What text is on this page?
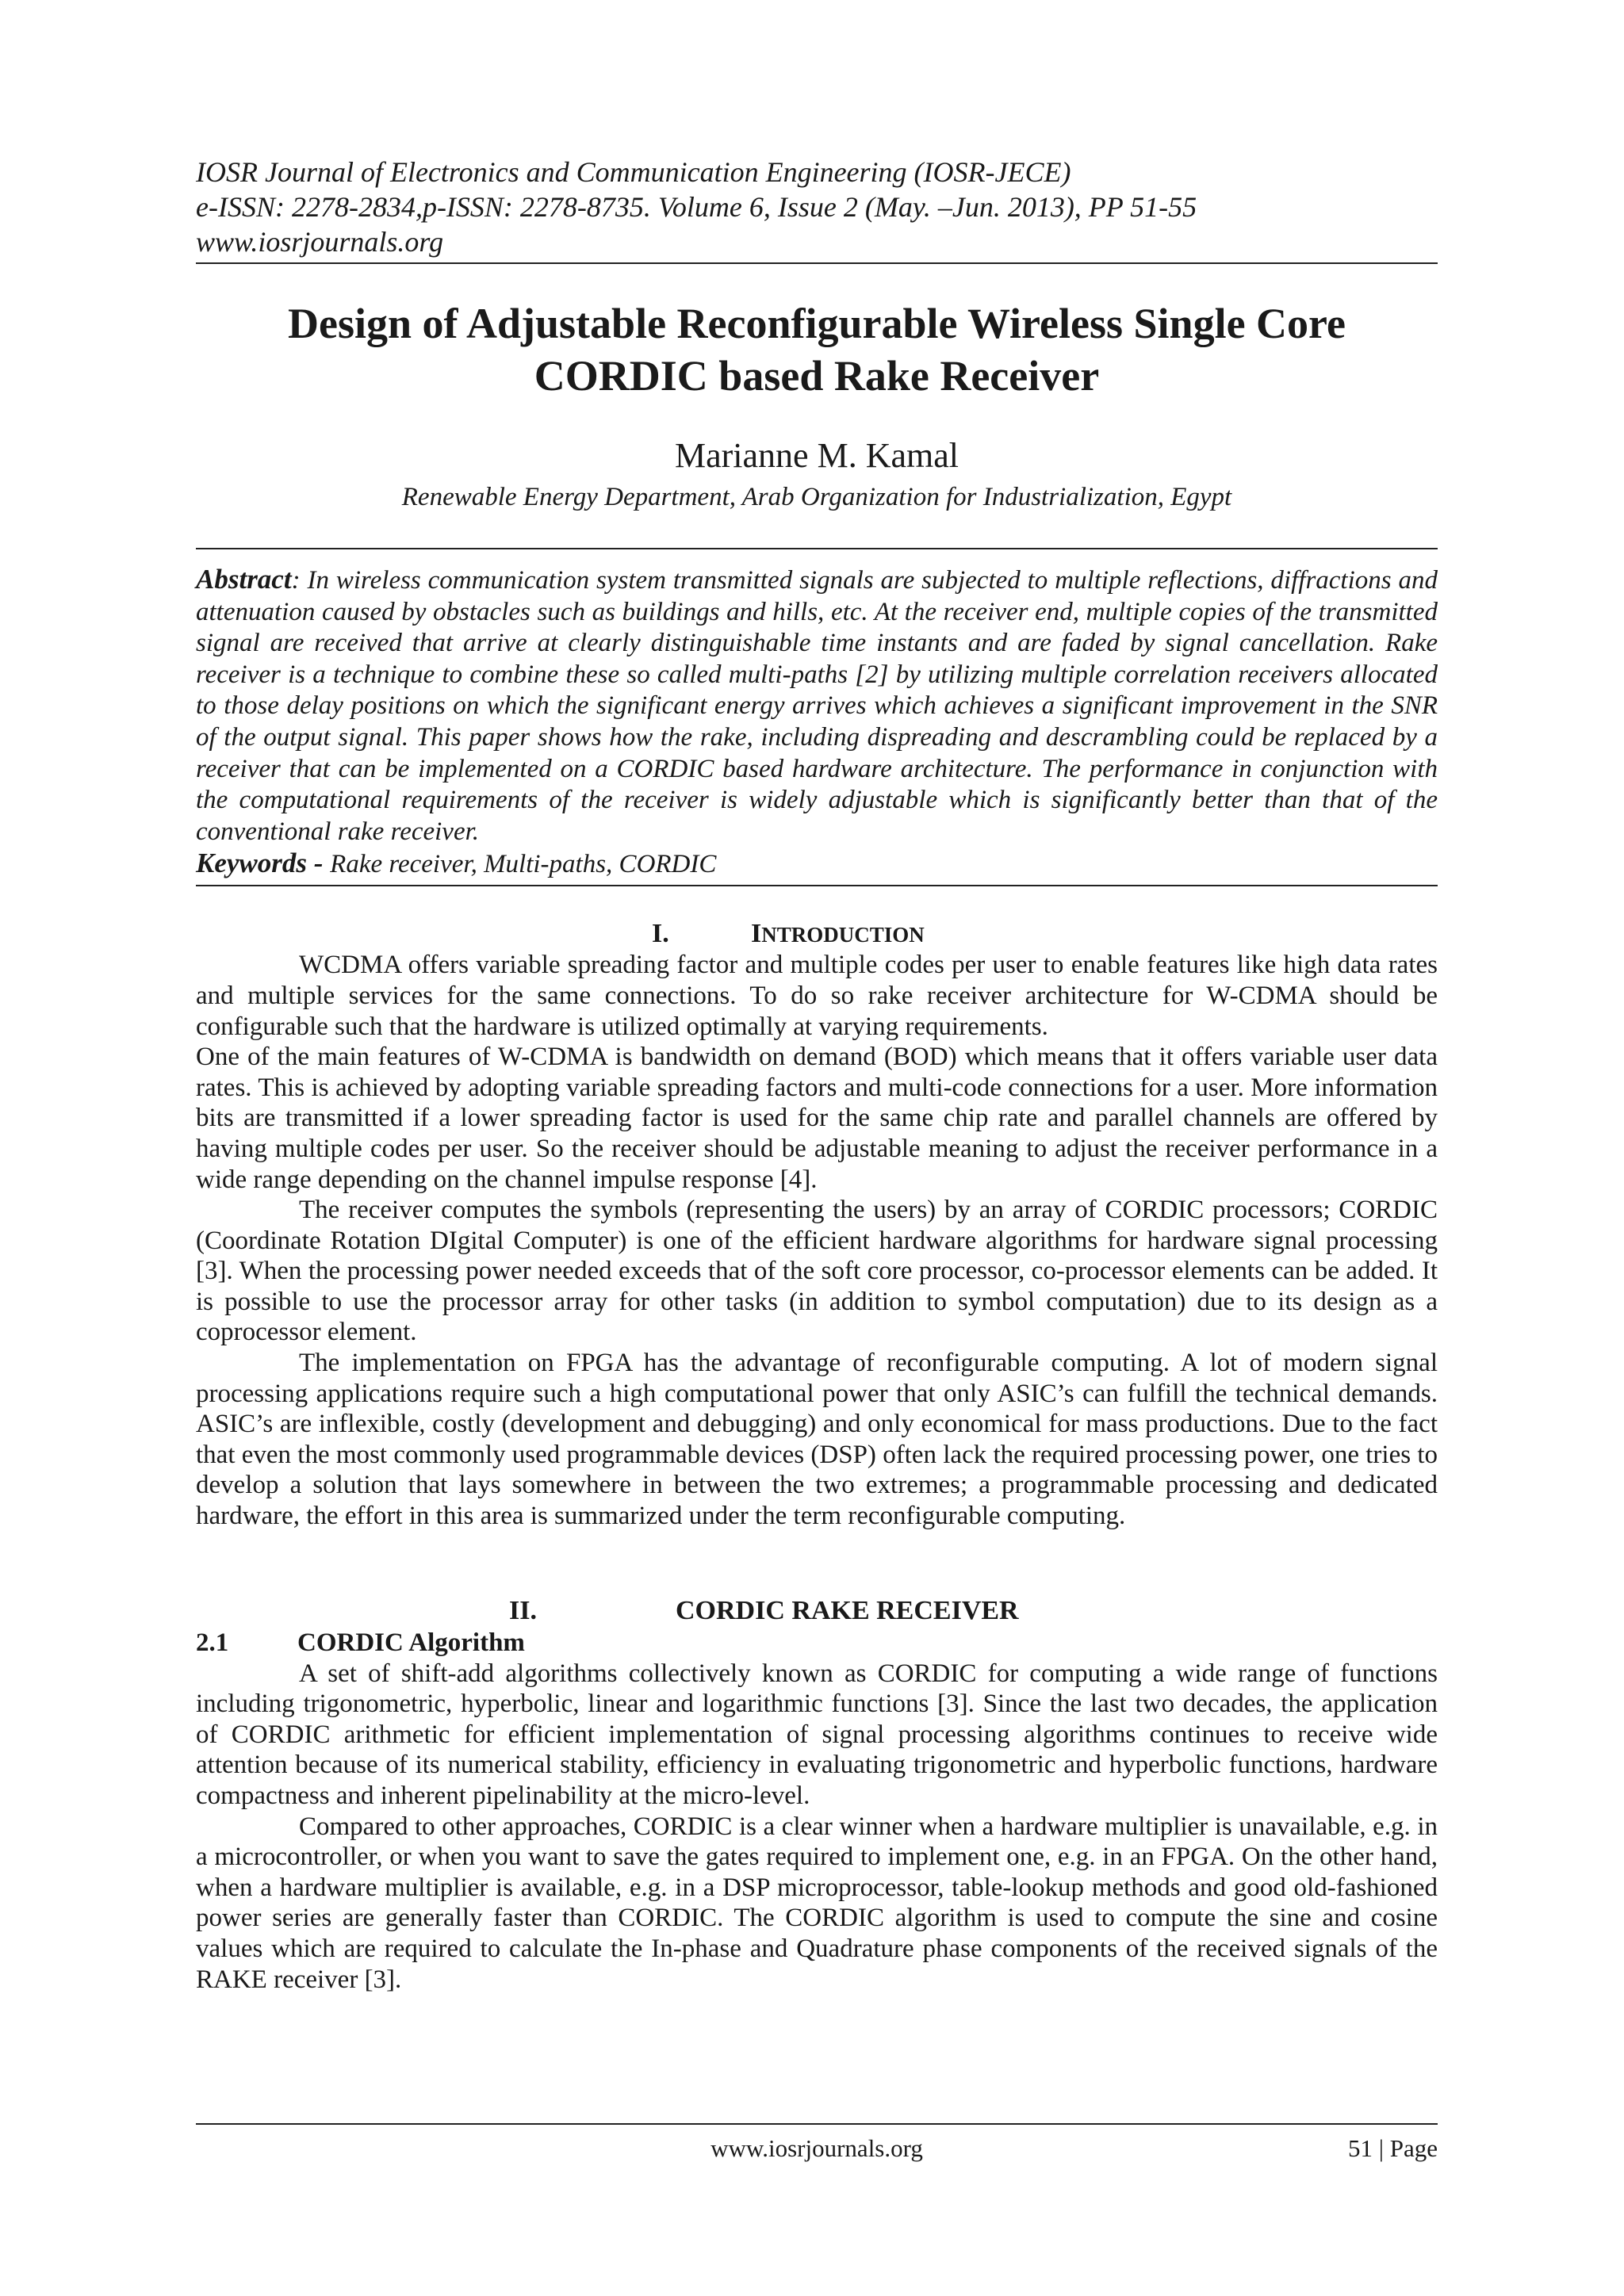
IOSR Journal of Electronics and Communication Engineering (IOSR-JECE)
e-ISSN: 2278-2834,p-ISSN: 2278-8735. Volume 6, Issue 2 (May. –Jun. 2013), PP 51-55
www.iosrjournals.org
Design of Adjustable Reconfigurable Wireless Single Core
CORDIC based Rake Receiver
Marianne M. Kamal
Renewable Energy Department, Arab Organization for Industrialization, Egypt
Abstract: In wireless communication system transmitted signals are subjected to multiple reflections, diffractions and attenuation caused by obstacles such as buildings and hills, etc. At the receiver end, multiple copies of the transmitted signal are received that arrive at clearly distinguishable time instants and are faded by signal cancellation. Rake receiver is a technique to combine these so called multi-paths [2] by utilizing multiple correlation receivers allocated to those delay positions on which the significant energy arrives which achieves a significant improvement in the SNR of the output signal. This paper shows how the rake, including dispreading and descrambling could be replaced by a receiver that can be implemented on a CORDIC based hardware architecture. The performance in conjunction with the computational requirements of the receiver is widely adjustable which is significantly better than that of the conventional rake receiver.
Keywords - Rake receiver, Multi-paths, CORDIC
I.	INTRODUCTION

WCDMA offers variable spreading factor and multiple codes per user to enable features like high data rates and multiple services for the same connections. To do so rake receiver architecture for W-CDMA should be configurable such that the hardware is utilized optimally at varying requirements.

One of the main features of W-CDMA is bandwidth on demand (BOD) which means that it offers variable user data rates. This is achieved by adopting variable spreading factors and multi-code connections for a user. More information bits are transmitted if a lower spreading factor is used for the same chip rate and parallel channels are offered by having multiple codes per user. So the receiver should be adjustable meaning to adjust the receiver performance in a wide range depending on the channel impulse response [4].

The receiver computes the symbols (representing the users) by an array of CORDIC processors; CORDIC (Coordinate Rotation DIgital Computer) is one of the efficient hardware algorithms for hardware signal processing [3]. When the processing power needed exceeds that of the soft core processor, co-processor elements can be added. It is possible to use the processor array for other tasks (in addition to symbol computation) due to its design as a coprocessor element.

The implementation on FPGA has the advantage of reconfigurable computing. A lot of modern signal processing applications require such a high computational power that only ASIC’s can fulfill the technical demands. ASIC’s are inflexible, costly (development and debugging) and only economical for mass productions. Due to the fact that even the most commonly used programmable devices (DSP) often lack the required processing power, one tries to develop a solution that lays somewhere in between the two extremes; a programmable processing and dedicated hardware, the effort in this area is summarized under the term reconfigurable computing.

II.	CORDIC RAKE RECEIVER
2.1	CORDIC Algorithm

A set of shift-add algorithms collectively known as CORDIC for computing a wide range of functions including trigonometric, hyperbolic, linear and logarithmic functions [3]. Since the last two decades, the application of CORDIC arithmetic for efficient implementation of signal processing algorithms continues to receive wide attention because of its numerical stability, efficiency in evaluating trigonometric and hyperbolic functions, hardware compactness and inherent pipelinability at the micro-level.

Compared to other approaches, CORDIC is a clear winner when a hardware multiplier is unavailable, e.g. in a microcontroller, or when you want to save the gates required to implement one, e.g. in an FPGA. On the other hand, when a hardware multiplier is available, e.g. in a DSP microprocessor, table-lookup methods and good old-fashioned power series are generally faster than CORDIC. The CORDIC algorithm is used to compute the sine and cosine values which are required to calculate the In-phase and Quadrature phase components of the received signals of the RAKE receiver [3].

www.iosrjournals.org	51 | Page
